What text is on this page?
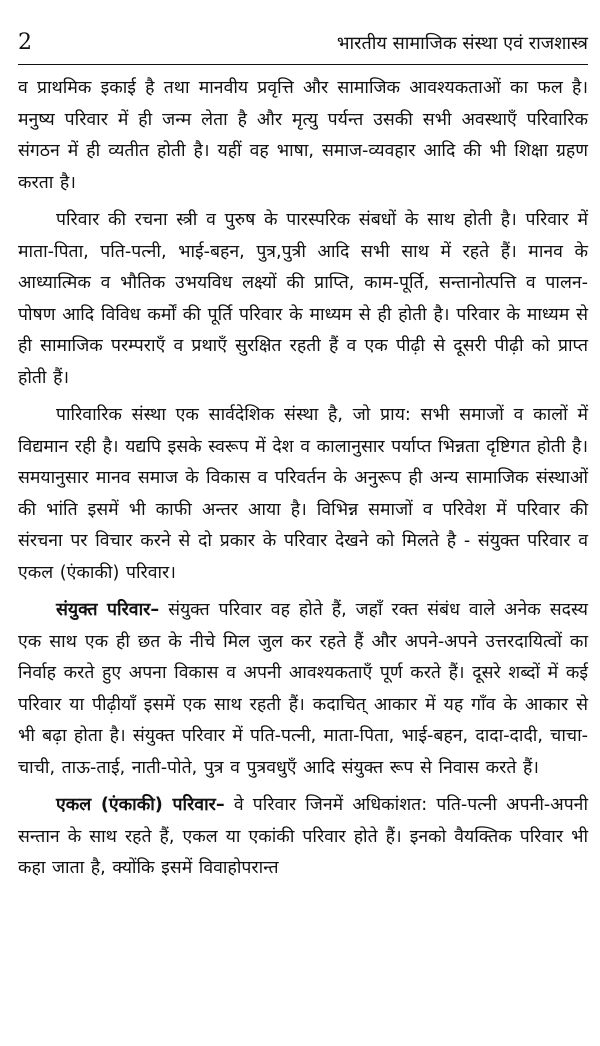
2	भारतीय सामाजिक संस्था एवं राजशास्त्र

व प्राथमिक इकाई है तथा मानवीय प्रवृत्ति और सामाजिक आवश्यकताओं का फल है। मनुष्य परिवार में ही जन्म लेता है और मृत्यु पर्यन्त उसकी सभी अवस्थाएँ परिवारिक संगठन में ही व्यतीत होती है। यहीं वह भाषा, समाज-व्यवहार आदि की भी शिक्षा ग्रहण करता है।

परिवार की रचना स्त्री व पुरुष के पारस्परिक संबधों के साथ होती है। परिवार में माता-पिता, पति-पत्नी, भाई-बहन, पुत्र,पुत्री आदि सभी साथ में रहते हैं। मानव के आध्यात्मिक व भौतिक उभयविध लक्ष्यों की प्राप्ति, काम-पूर्ति, सन्तानोत्पत्ति व पालन-पोषण आदि विविध कर्मों की पूर्ति परिवार के माध्यम से ही होती है। परिवार के माध्यम से ही सामाजिक परम्पराएँ व प्रथाएँ सुरक्षित रहती हैं व एक पीढ़ी से दूसरी पीढ़ी को प्राप्त होती हैं।

पारिवारिक संस्था एक सार्वदेशिक संस्था है, जो प्राय: सभी समाजों व कालों में विद्यमान रही है। यद्यपि इसके स्वरूप में देश व कालानुसार पर्याप्त भिन्नता दृष्टिगत होती है। समयानुसार मानव समाज के विकास व परिवर्तन के अनुरूप ही अन्य सामाजिक संस्थाओं की भांति इसमें भी काफी अन्तर आया है। विभिन्न समाजों व परिवेश में परिवार की संरचना पर विचार करने से दो प्रकार के परिवार देखने को मिलते है - संयुक्त परिवार व एकल (एंकाकी) परिवार।

संयुक्त परिवार– संयुक्त परिवार वह होते हैं, जहाँ रक्त संबंध वाले अनेक सदस्य एक साथ एक ही छत के नीचे मिल जुल कर रहते हैं और अपने-अपने उत्तरदायित्वों का निर्वाह करते हुए अपना विकास व अपनी आवश्यकताएँ पूर्ण करते हैं। दूसरे शब्दों में कई परिवार या पीढ़ीयाँ इसमें एक साथ रहती हैं। कदाचित् आकार में यह गाँव के आकार से भी बढ़ा होता है। संयुक्त परिवार में पति-पत्नी, माता-पिता, भाई-बहन, दादा-दादी, चाचा-चाची, ताऊ-ताई, नाती-पोते, पुत्र व पुत्रवधुएँ आदि संयुक्त रूप से निवास करते हैं।

एकल (एंकाकी) परिवार– वे परिवार जिनमें अधिकांशत: पति-पत्नी अपनी-अपनी सन्तान के साथ रहते हैं, एकल या एकांकी परिवार होते हैं। इनको वैयक्तिक परिवार भी कहा जाता है, क्योंकि इसमें विवाहोपरान्त
